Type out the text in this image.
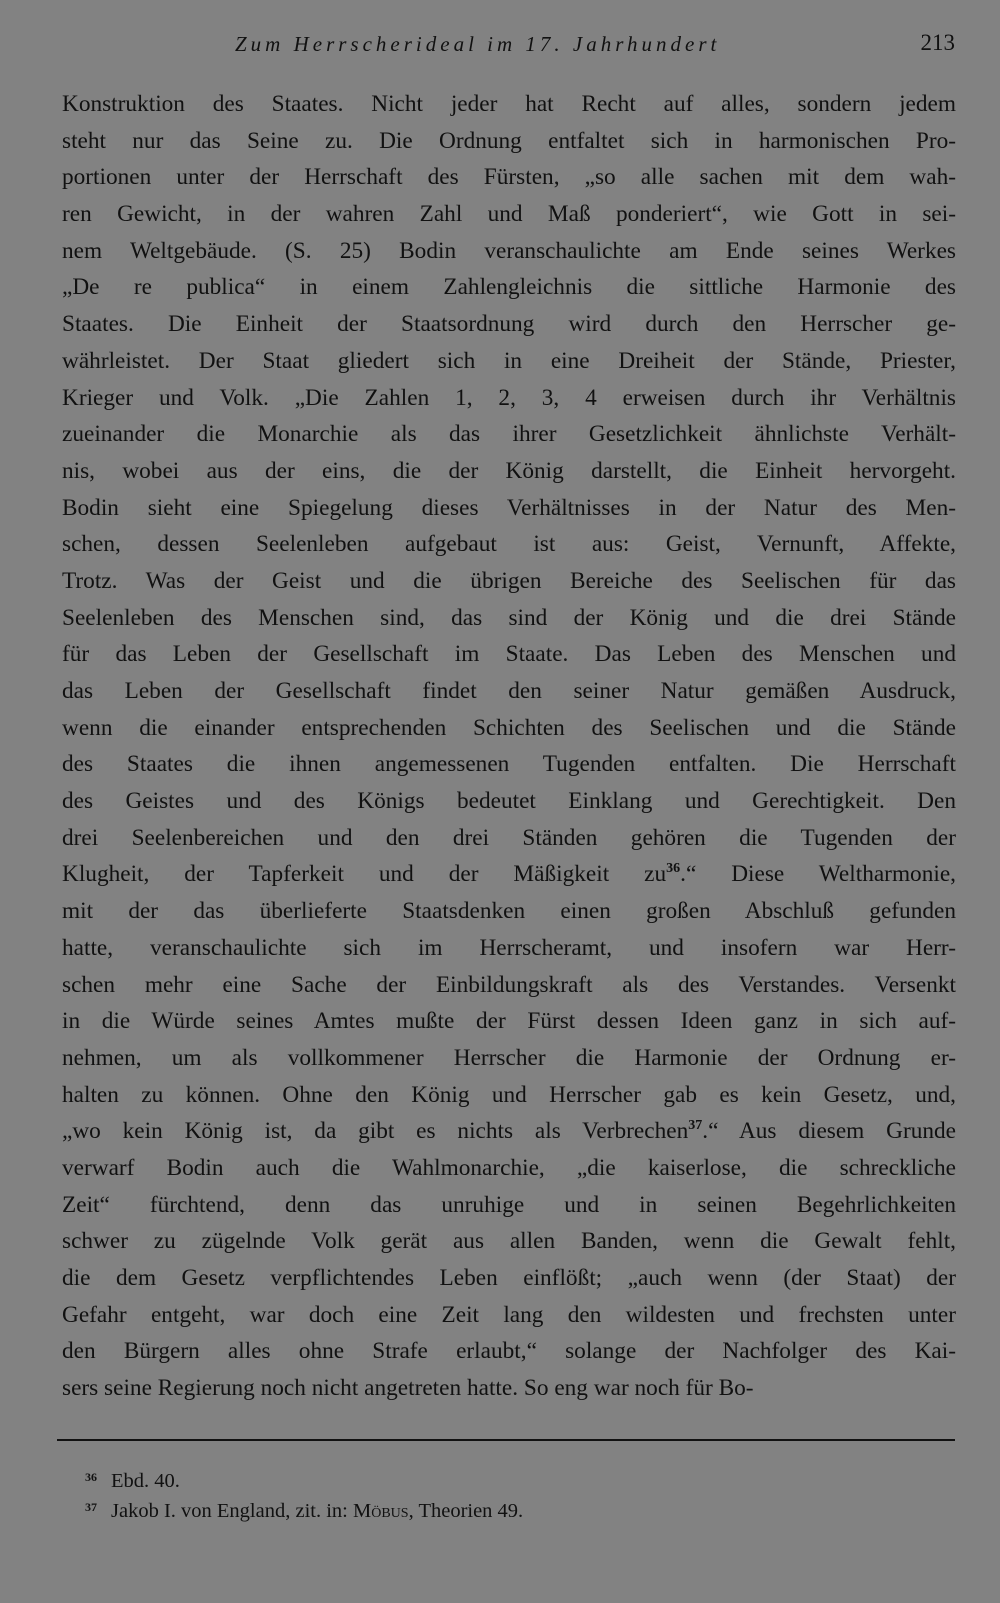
Zum Herrscherideal im 17. Jahrhundert	213
Konstruktion des Staates. Nicht jeder hat Recht auf alles, sondern jedem
steht nur das Seine zu. Die Ordnung entfaltet sich in harmonischen Pro-
portionen unter der Herrschaft des Fürsten, „so alle sachen mit dem wah-
ren Gewicht, in der wahren Zahl und Maß ponderiert“, wie Gott in sei-
nem Weltgebäude. (S. 25) Bodin veranschaulichte am Ende seines Werkes
„De re publica“ in einem Zahlengleichnis die sittliche Harmonie des
Staates. Die Einheit der Staatsordnung wird durch den Herrscher ge-
währleistet. Der Staat gliedert sich in eine Dreiheit der Stände, Priester,
Krieger und Volk. „Die Zahlen 1, 2, 3, 4 erweisen durch ihr Verhältnis
zueinander die Monarchie als das ihrer Gesetzlichkeit ähnlichste Verhält-
nis, wobei aus der eins, die der König darstellt, die Einheit hervorgeht.
Bodin sieht eine Spiegelung dieses Verhältnisses in der Natur des Men-
schen, dessen Seelenleben aufgebaut ist aus: Geist, Vernunft, Affekte,
Trotz. Was der Geist und die übrigen Bereiche des Seelischen für das
Seelenleben des Menschen sind, das sind der König und die drei Stände
für das Leben der Gesellschaft im Staate. Das Leben des Menschen und
das Leben der Gesellschaft findet den seiner Natur gemäßen Ausdruck,
wenn die einander entsprechenden Schichten des Seelischen und die Stände
des Staates die ihnen angemessenen Tugenden entfalten. Die Herrschaft
des Geistes und des Königs bedeutet Einklang und Gerechtigkeit. Den
drei Seelenbereichen und den drei Ständen gehören die Tugenden der
Klugheit, der Tapferkeit und der Mäßigkeit $zu^{36}.“$ Diese Weltharmonie,
mit der das überlieferte Staatsdenken einen großen Abschluß gefunden
hatte, veranschaulichte sich im Herrscheramt, und insofern war Herr-
schen mehr eine Sache der Einbildungskraft als des Verstandes. Versenkt
in die Würde seines Amtes mußte der Fürst dessen Ideen ganz in sich auf-
nehmen, um als vollkommener Herrscher die Harmonie der Ordnung er-
halten zu können. Ohne den König und Herrscher gab es kein Gesetz, und,
„wo kein König ist, da gibt es nichts als Verbrechen$^{37}$.“ Aus diesem Grunde
verwarf Bodin auch die Wahlmonarchie, „die kaiserlose, die schreckliche
Zeit“ fürchtend, denn das unruhige und in seinen Begehrlichkeiten
schwer zu zügelnde Volk gerät aus allen Banden, wenn die Gewalt fehlt,
die dem Gesetz verpflichtendes Leben einflößt; „auch wenn (der Staat) der
Gefahr entgeht, war doch eine Zeit lang den wildesten und frechsten unter
den Bürgern alles ohne Strafe erlaubt,“ solange der Nachfolger des Kai-
sers seine Regierung noch nicht angetreten hatte. So eng war noch für Bo-
$^{36}$ Ebd. 40.
$^{37}$ Jakob I. von England, zit. in: Möbus, Theorien 49.
